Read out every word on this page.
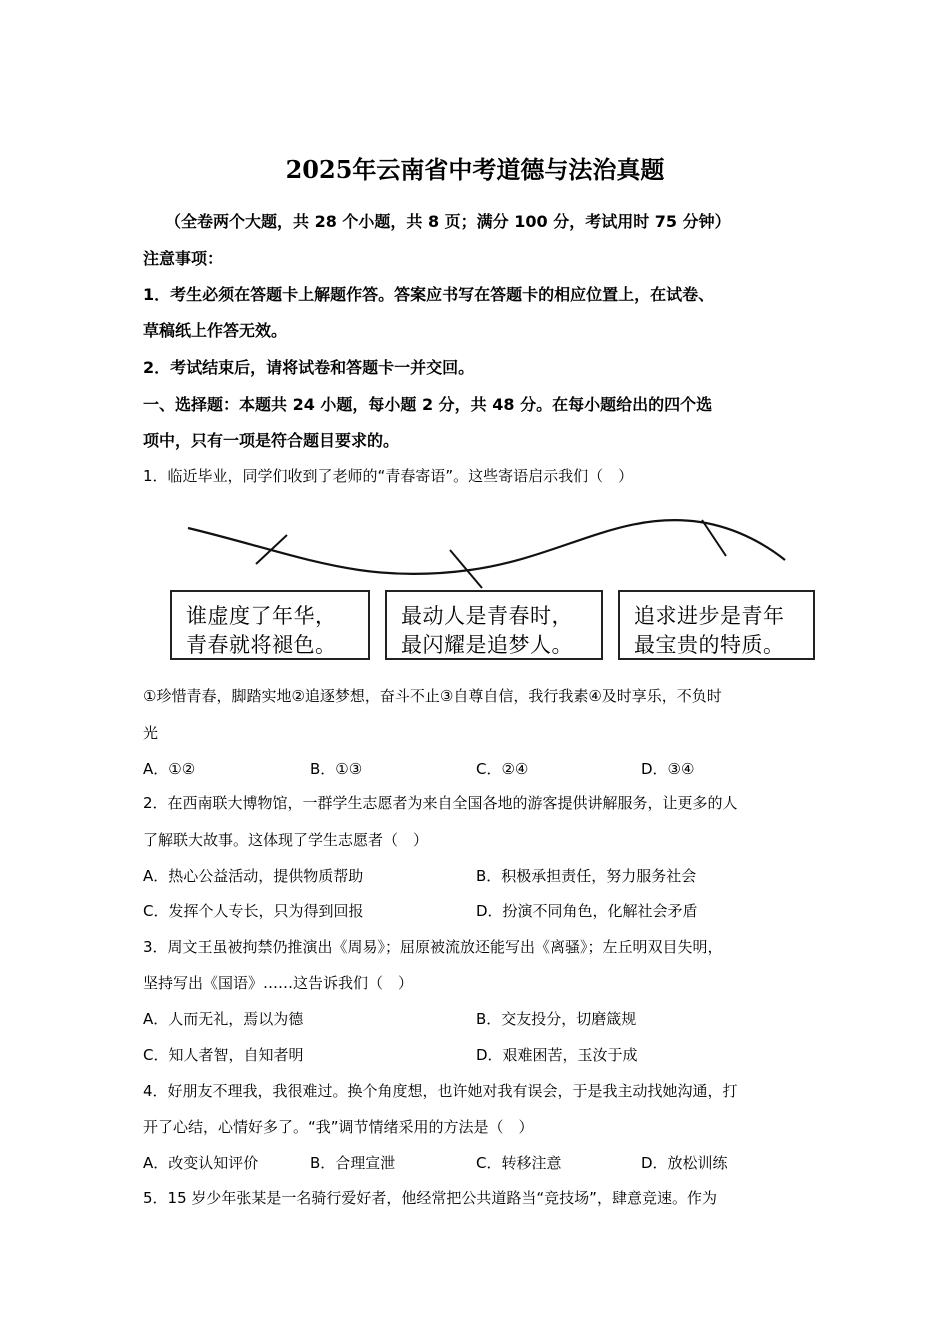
2025年云南省中考道德与法治真题
（全卷两个大题，共 28 个小题，共 8 页；满分 100 分，考试用时 75 分钟）
注意事项：
1．考生必须在答题卡上解题作答。答案应书写在答题卡的相应位置上，在试卷、
草稿纸上作答无效。
2．考试结束后，请将试卷和答题卡一并交回。
一、选择题：本题共 24 小题，每小题 2 分，共 48 分。在每小题给出的四个选
项中，只有一项是符合题目要求的。
1．临近毕业，同学们收到了老师的“青春寄语”。这些寄语启示我们（　）
谁虚度了年华，
青春就将褪色。
最动人是青春时，
最闪耀是追梦人。
追求进步是青年
最宝贵的特质。
①珍惜青春，脚踏实地②追逐梦想，奋斗不止③自尊自信，我行我素④及时享乐，不负时
光
A．①②	B．①③	C．②④	D．③④
2．在西南联大博物馆，一群学生志愿者为来自全国各地的游客提供讲解服务，让更多的人
了解联大故事。这体现了学生志愿者（　）
A．热心公益活动，提供物质帮助	B．积极承担责任，努力服务社会
C．发挥个人专长，只为得到回报	D．扮演不同角色，化解社会矛盾
3．周文王虽被拘禁仍推演出《周易》；屈原被流放还能写出《离骚》；左丘明双目失明，
坚持写出《国语》……这告诉我们（　）
A．人而无礼，焉以为德	B．交友投分，切磨箴规
C．知人者智，自知者明	D．艰难困苦，玉汝于成
4．好朋友不理我，我很难过。换个角度想，也许她对我有误会，于是我主动找她沟通，打
开了心结，心情好多了。“我”调节情绪采用的方法是（　）
A．改变认知评价	B．合理宣泄	C．转移注意	D．放松训练
5．15 岁少年张某是一名骑行爱好者，他经常把公共道路当“竞技场”，肆意竞速。作为
